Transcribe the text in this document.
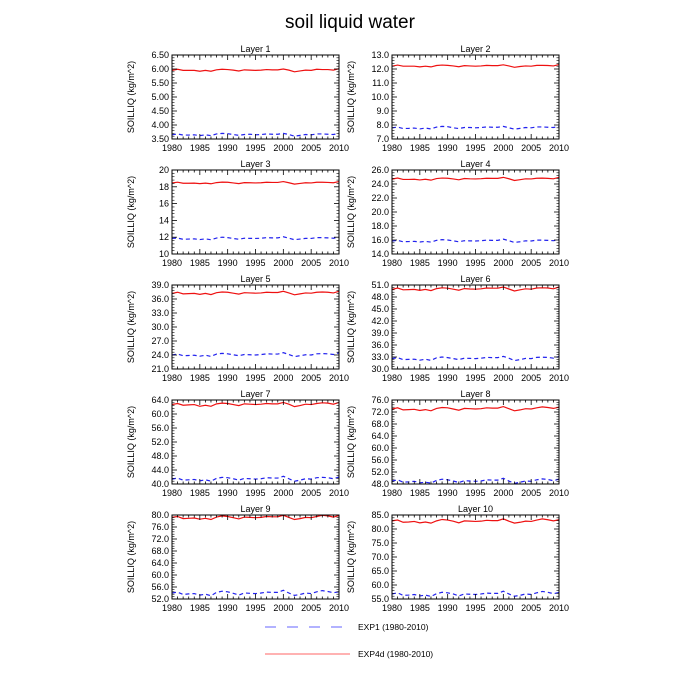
soil liquid water
Layer 1
SOILLIQ (kg/m^2)
1980 1985 1990 1995 2000 2005 2010
6.50
6.00
5.50
5.00
4.50
4.00
3.50
Layer 2
SOILLIQ (kg/m^2)
1980 1985 1990 1995 2000 2005 2010
13.0
12.0
11.0
10.0
9.0
8.0
7.0
Layer 3
SOILLIQ (kg/m^2)
1980 1985 1990 1995 2000 2005 2010
20
18
16
14
12
10
Layer 4
SOILLIQ (kg/m^2)
1980 1985 1990 1995 2000 2005 2010
26.0
24.0
22.0
20.0
18.0
16.0
14.0
Layer 5
SOILLIQ (kg/m^2)
1980 1985 1990 1995 2000 2005 2010
39.0
36.0
33.0
30.0
27.0
24.0
21.0
Layer 6
SOILLIQ (kg/m^2)
1980 1985 1990 1995 2000 2005 2010
51.0
48.0
45.0
42.0
39.0
36.0
33.0
30.0
Layer 7
SOILLIQ (kg/m^2)
1980 1985 1990 1995 2000 2005 2010
64.0
60.0
56.0
52.0
48.0
44.0
40.0
Layer 8
SOILLIQ (kg/m^2)
1980 1985 1990 1995 2000 2005 2010
76.0
72.0
68.0
64.0
60.0
56.0
52.0
48.0
Layer 9
SOILLIQ (kg/m^2)
1980 1985 1990 1995 2000 2005 2010
80.0
76.0
72.0
68.0
64.0
60.0
56.0
52.0
Layer 10
SOILLIQ (kg/m^2)
1980 1985 1990 1995 2000 2005 2010
85.0
80.0
75.0
70.0
65.0
60.0
55.0
EXP1 (1980-2010)
EXP4d (1980-2010)
